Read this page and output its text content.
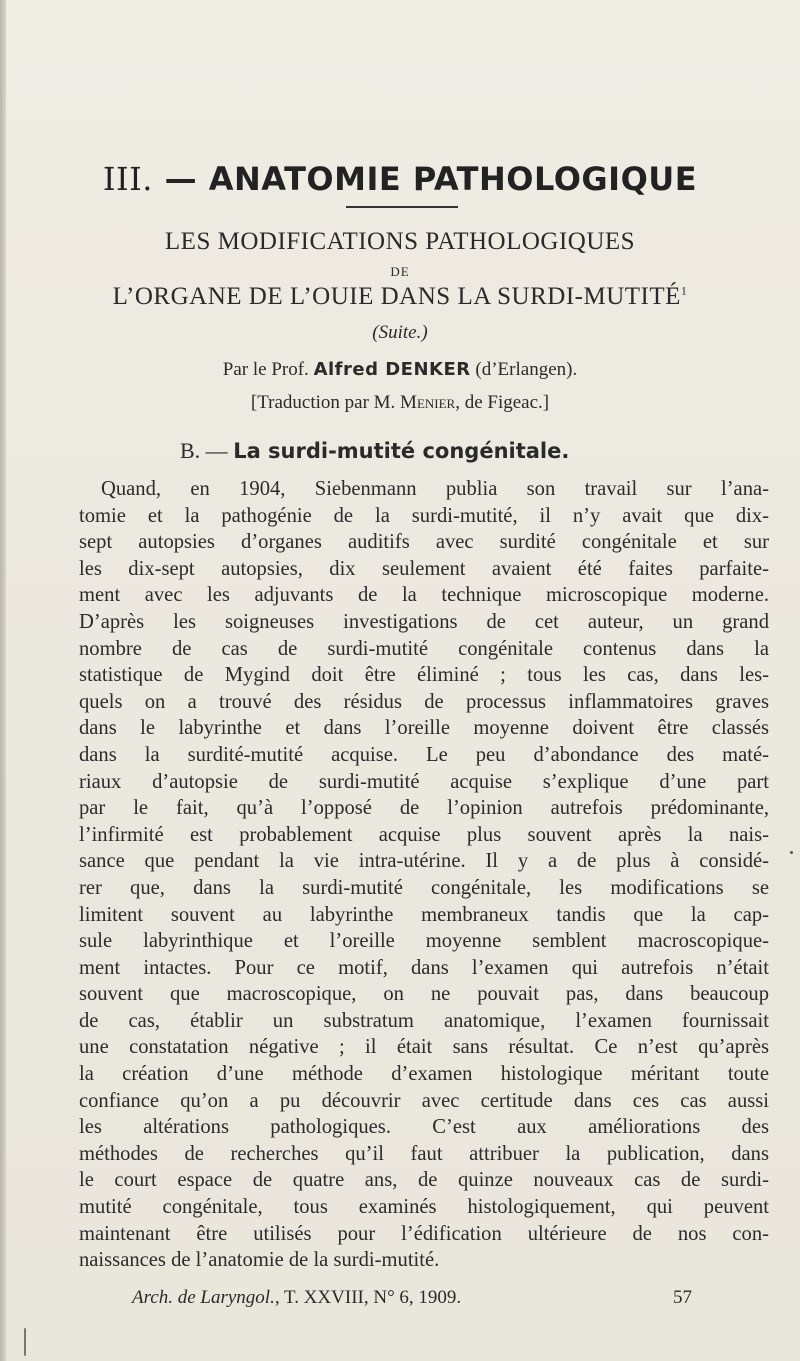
III. — ANATOMIE PATHOLOGIQUE
LES MODIFICATIONS PATHOLOGIQUES
DE
L’ORGANE DE L’OUIE DANS LA SURDI-MUTITÉ$^1$
(Suite.)
Par le Prof. Alfred DENKER (d’Erlangen).
[Traduction par M. Menier, de Figeac.]
B. — La surdi-mutité congénitale.
Quand, en 1904, Siebenmann publia son travail sur l’ana-
tomie et la pathogénie de la surdi-mutité, il n’y avait que dix-
sept autopsies d’organes auditifs avec surdité congénitale et sur
les dix-sept autopsies, dix seulement avaient été faites parfaite-
ment avec les adjuvants de la technique microscopique moderne.
D’après les soigneuses investigations de cet auteur, un grand
nombre de cas de surdi-mutité congénitale contenus dans la
statistique de Mygind doit être éliminé ; tous les cas, dans les-
quels on a trouvé des résidus de processus inflammatoires graves
dans le labyrinthe et dans l’oreille moyenne doivent être classés
dans la surdité-mutité acquise. Le peu d’abondance des maté-
riaux d’autopsie de surdi-mutité acquise s’explique d’une part
par le fait, qu’à l’opposé de l’opinion autrefois prédominante,
l’infirmité est probablement acquise plus souvent après la nais-
sance que pendant la vie intra-utérine. Il y a de plus à considé-
rer que, dans la surdi-mutité congénitale, les modifications se
limitent souvent au labyrinthe membraneux tandis que la cap-
sule labyrinthique et l’oreille moyenne semblent macroscopique-
ment intactes. Pour ce motif, dans l’examen qui autrefois n’était
souvent que macroscopique, on ne pouvait pas, dans beaucoup
de cas, établir un substratum anatomique, l’examen fournissait
une constatation négative ; il était sans résultat. Ce n’est qu’après
la création d’une méthode d’examen histologique méritant toute
confiance qu’on a pu découvrir avec certitude dans ces cas aussi
les altérations pathologiques. C’est aux améliorations des
méthodes de recherches qu’il faut attribuer la publication, dans
le court espace de quatre ans, de quinze nouveaux cas de surdi-
mutité congénitale, tous examinés histologiquement, qui peuvent
maintenant être utilisés pour l’édification ultérieure de nos con-
naissances de l’anatomie de la surdi-mutité.
Arch. de Laryngol., T. XXVIII, N° 6, 1909.	57
